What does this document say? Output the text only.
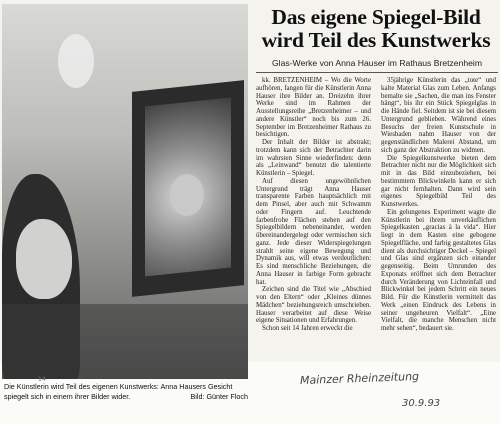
Das eigene Spiegel-Bild wird Teil des Kunstwerks
Glas-Werke von Anna Hauser im Rathaus Bretzenheim

kk. BRETZENHEIM – Wo die Worte aufhören, fangen für die Künstlerin Anna Hauser ihre Bilder an. Dreizehn ihrer Werke sind im Rahmen der Ausstellungsreihe „Bretzenheimer – und andere Künstler“ noch bis zum 26. September im Bretzenheimer Rathaus zu besichtigen.

Der Inhalt der Bilder ist abstrakt; trotzdem kann sich der Betrachter darin im wahrsten Sinne wiederfinden: denn als „Leinwand“ benutzt die talentierte Künstlerin – Spiegel.

Auf diesen ungewöhnlichen Untergrund trägt Anna Hauser transparente Farben hauptsächlich mit dem Pinsel, aber auch mit Schwamm oder Fingern auf. Leuchtende farbenfrohe Flächen stehen auf den Spiegelbildern nebeneinander, werden übereinandergelegt oder vermischen sich ganz. Jede dieser Widerspiegelungen strahlt seine eigene Bewegung und Dynamik aus, will etwas verdeutlichen: Es sind menschliche Beziehungen, die Anna Hauser in farbige Form gebracht hat.

Zeichen sind die Titel wie „Abschied von den Eltern“ oder „Kleines dünnes Mädchen“ beziehungsreich umschrieben. Hauser verarbeitet auf diese Weise eigene Situationen und Erfahrungen.

Schon seit 14 Jahren erweckt die

35jährige Künstlerin das „tote“ und kalte Material Glas zum Leben. Anfangs bemalte sie „Sachen, die man ins Fenster hängt“, bis ihr ein Stück Spiegelglas in die Hände fiel. Seitdem ist sie bei diesem Untergrund geblieben. Während eines Besuchs der freien Kunstschule in Wiesbaden nahm Hauser von der gegenständlichen Malerei Abstand, um sich ganz der Abstraktion zu widmen.

Die Spiegelkunstwerke bieten dem Betrachter nicht nur die Möglichkeit sich mit in das Bild einzubeziehen, bei bestimmtem Blickwinkeln kann er sich gar nicht fernhalten. Dann wird sein eigenes Spiegelbild Teil des Kunstwerkes.

Ein gelungenes Experiment wagte die Künstlerin bei ihrem unverkäuflichen Spiegelkasten „gracias à la vida“. Hier liegt in dem Kasten eine gebogene Spiegelfläche, und farbig gestaltetes Glas dient als durchsichtiger Deckel – Spiegel und Glas sind ergänzen sich einander gegenseitig. Beim Umrunden des Exponats eröffnet sich dem Betrachter durch Veränderung von Lichteinfall und Blickwinkel bei jedem Schritt ein neues Bild. Für die Künstlerin vermittelt das Werk „einen Eindruck des Lebens in seiner ungeheuren Vielfalt“. „Eine Vielfalt, die manche Menschen nicht mehr sehen“, bedauert sie.

14
Die Künstlerin wird Teil des eigenen Kunstwerks: Anna Hausers Gesicht spiegelt sich in einem ihrer Bilder wider.	Bild: Günter Floch
Mainzer Rheinzeitung
30.9.93
